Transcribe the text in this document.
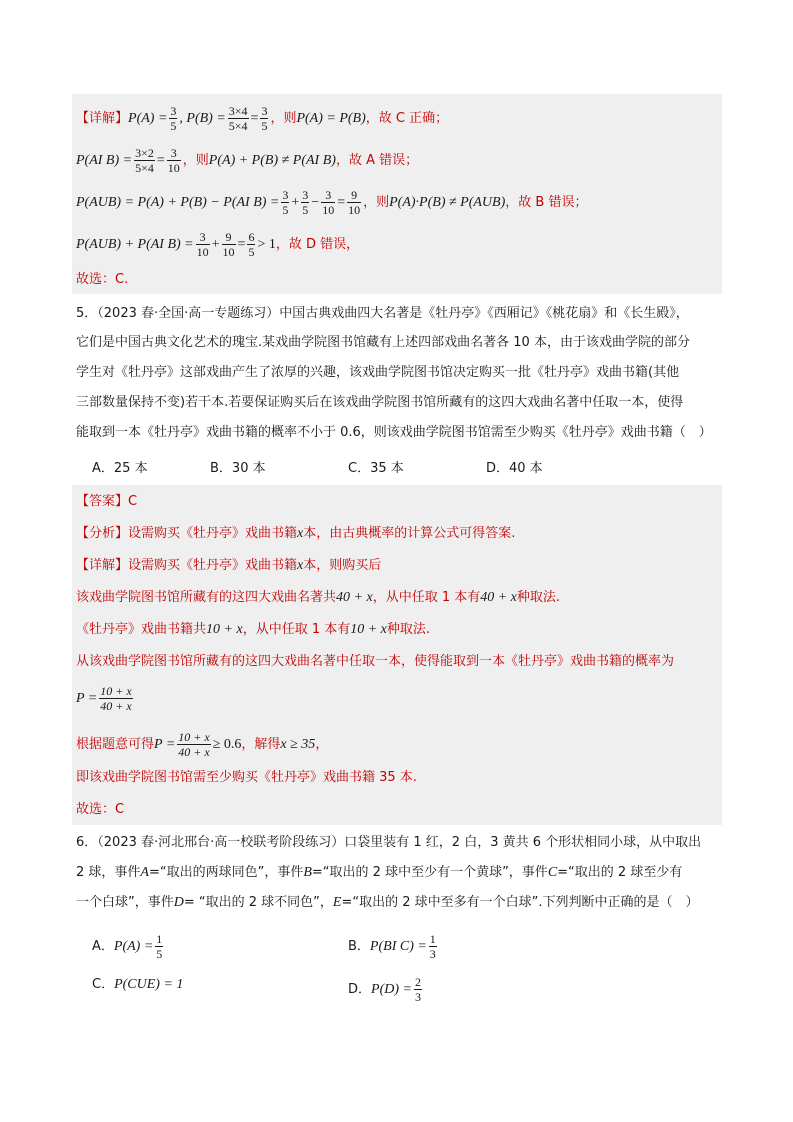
【详解】$P(A) = \frac{3}{5}$ , $P(B) = \frac{3\times 4}{5\times 4} = \frac{3}{5}$ ，则P(A) = P(B)，故 C 正确；
P(AI $B) = \frac{3\times 2}{5\times 4} = \frac{3}{10}$ ，则P(A) + P(B) ≠ P(AI B)，故 A 错误；
P(AUB) = P(A) + P(B) − P(AI $B) = \frac{3}{5} + \frac{3}{5} - \frac{3}{10} = \frac{9}{10}$ ，则P(A)·P(B) ≠ P(AUB)，故 B 错误；
P(AUB) + P(AI $B) = \frac{3}{10} + \frac{9}{10} = \frac{6}{5} > 1$，故 D 错误，
故选：C.
5．（2023 春·全国·高一专题练习）中国古典戏曲四大名著是《牡丹亭》《西厢记》《桃花扇》和《长生殿》，
它们是中国古典文化艺术的瑰宝.某戏曲学院图书馆藏有上述四部戏曲名著各 10 本，由于该戏曲学院的部分
学生对《牡丹亭》这部戏曲产生了浓厚的兴趣，该戏曲学院图书馆决定购买一批《牡丹亭》戏曲书籍(其他
三部数量保持不变)若干本.若要保证购买后在该戏曲学院图书馆所藏有的这四大戏曲名著中任取一本，使得
能取到一本《牡丹亭》戏曲书籍的概率不小于 0.6，则该戏曲学院图书馆需至少购买《牡丹亭》戏曲书籍（　）
A．25 本	B．30 本	C．35 本	D．40 本
【答案】C
【分析】设需购买《牡丹亭》戏曲书籍x本，由古典概率的计算公式可得答案.
【详解】设需购买《牡丹亭》戏曲书籍x本，则购买后
该戏曲学院图书馆所藏有的这四大戏曲名著共40 + x，从中任取 1 本有40 + x种取法.
《牡丹亭》戏曲书籍共10 + x，从中任取 1 本有10 + x种取法.
从该戏曲学院图书馆所藏有的这四大戏曲名著中任取一本，使得能取到一本《牡丹亭》戏曲书籍的概率为
$P = \frac{10 + x}{40 + x}$
根据题意可得$P = \frac{10 + x}{40 + x} \ge 0.6$，解得x ≥ 35，
即该戏曲学院图书馆需至少购买《牡丹亭》戏曲书籍 35 本.
故选：C
6．（2023 春·河北邢台·高一校联考阶段练习）口袋里装有 1 红，2 白，3 黄共 6 个形状相同小球，从中取出
2 球，事件A=“取出的两球同色”，事件B=“取出的 2 球中至少有一个黄球”，事件C=“取出的 2 球至少有
一个白球”，事件D= “取出的 2 球不同色”，E=“取出的 2 球中至多有一个白球”.下列判断中正确的是（　）
A．$P(A) = \frac{1}{5}$	B．P(BI $C) = \frac{1}{3}$
C．P(CUE) = 1	D．$P(D) = \frac{2}{3}$
